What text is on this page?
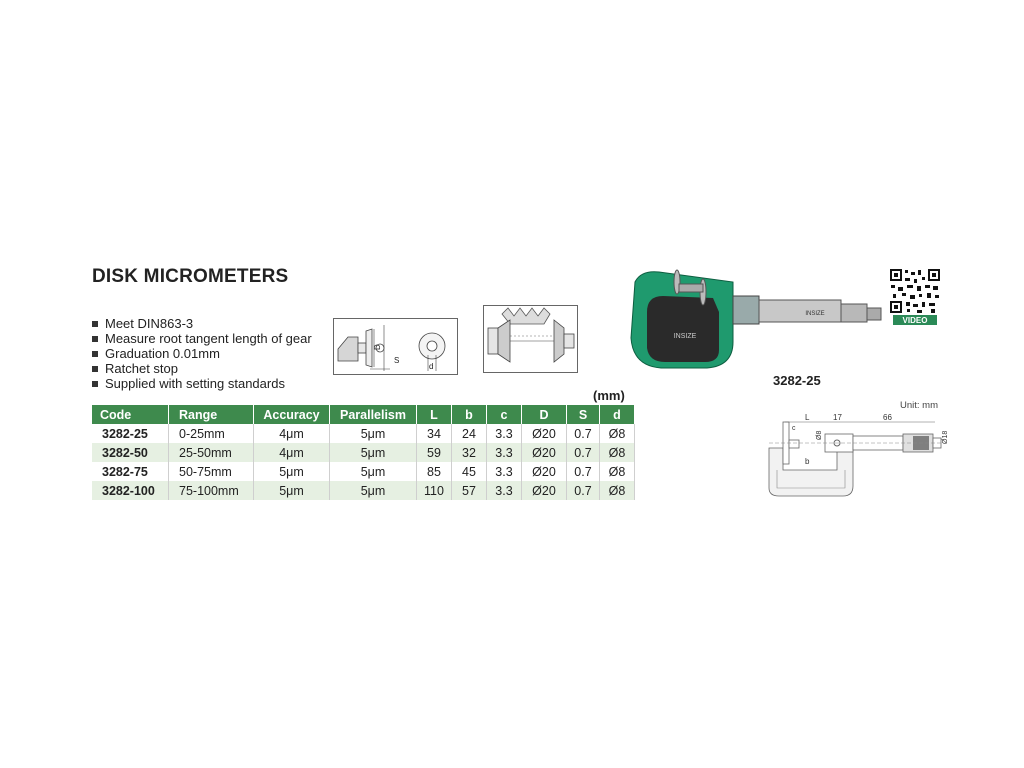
DISK MICROMETERS
Meet DIN863-3
Measure root tangent length of gear
Graduation 0.01mm
Ratchet stop
Supplied with setting standards
D
S
d
INSIZE
INSIZE
3282-25
VIDEO
Unit: mm
L	17	66
c
Ø8
b
Ø18
(mm)
Code	Range	Accuracy	Parallelism	L	b	c	D	S	d
3282-25	0-25mm	4μm	5μm	34	24	3.3	Ø20	0.7	Ø8
3282-50	25-50mm	4μm	5μm	59	32	3.3	Ø20	0.7	Ø8
3282-75	50-75mm	5μm	5μm	85	45	3.3	Ø20	0.7	Ø8
3282-100	75-100mm	5μm	5μm	110	57	3.3	Ø20	0.7	Ø8
